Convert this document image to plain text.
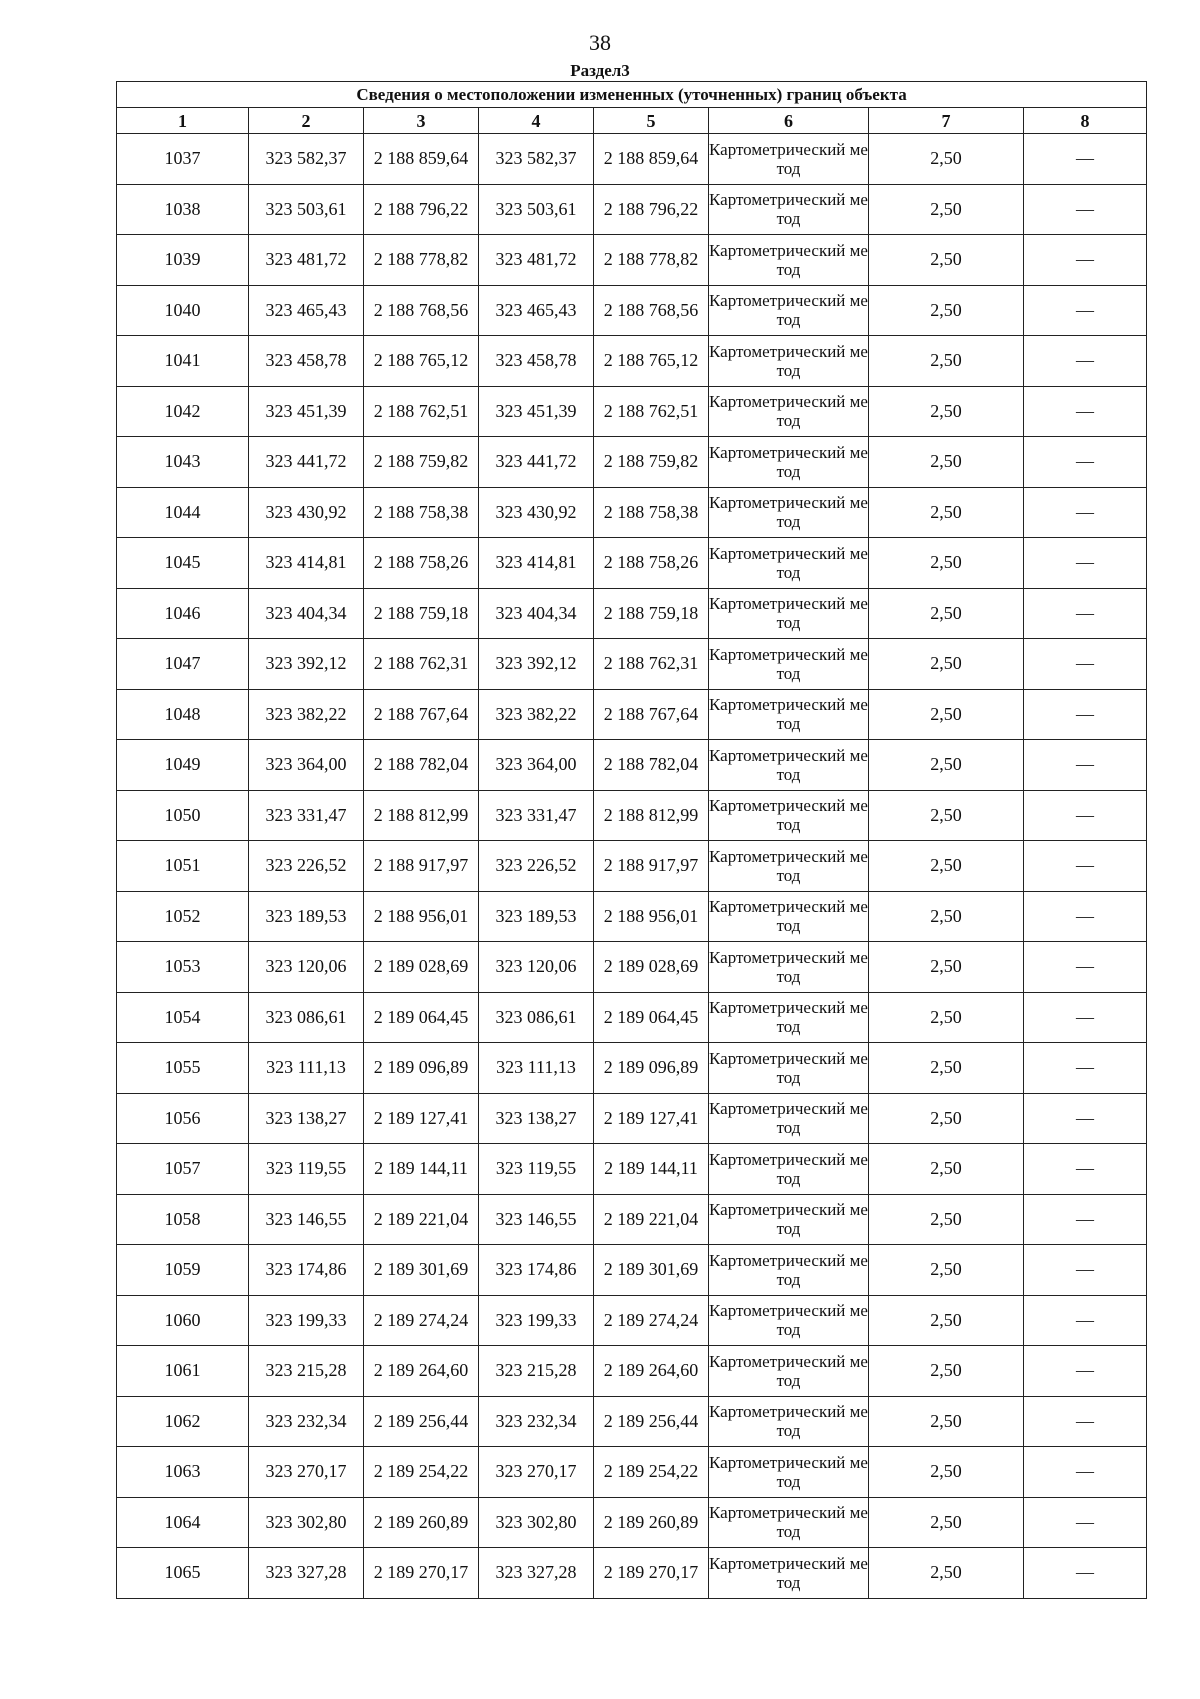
38
Раздел3
Сведения о местоположении измененных (уточненных) границ объекта							
1	2	3	4	5	6	7	8
1037	323 582,37	2 188 859,64	323 582,37	2 188 859,64	Картометрический метод	2,50	—
1038	323 503,61	2 188 796,22	323 503,61	2 188 796,22	Картометрический метод	2,50	—
1039	323 481,72	2 188 778,82	323 481,72	2 188 778,82	Картометрический метод	2,50	—
1040	323 465,43	2 188 768,56	323 465,43	2 188 768,56	Картометрический метод	2,50	—
1041	323 458,78	2 188 765,12	323 458,78	2 188 765,12	Картометрический метод	2,50	—
1042	323 451,39	2 188 762,51	323 451,39	2 188 762,51	Картометрический метод	2,50	—
1043	323 441,72	2 188 759,82	323 441,72	2 188 759,82	Картометрический метод	2,50	—
1044	323 430,92	2 188 758,38	323 430,92	2 188 758,38	Картометрический метод	2,50	—
1045	323 414,81	2 188 758,26	323 414,81	2 188 758,26	Картометрический метод	2,50	—
1046	323 404,34	2 188 759,18	323 404,34	2 188 759,18	Картометрический метод	2,50	—
1047	323 392,12	2 188 762,31	323 392,12	2 188 762,31	Картометрический метод	2,50	—
1048	323 382,22	2 188 767,64	323 382,22	2 188 767,64	Картометрический метод	2,50	—
1049	323 364,00	2 188 782,04	323 364,00	2 188 782,04	Картометрический метод	2,50	—
1050	323 331,47	2 188 812,99	323 331,47	2 188 812,99	Картометрический метод	2,50	—
1051	323 226,52	2 188 917,97	323 226,52	2 188 917,97	Картометрический метод	2,50	—
1052	323 189,53	2 188 956,01	323 189,53	2 188 956,01	Картометрический метод	2,50	—
1053	323 120,06	2 189 028,69	323 120,06	2 189 028,69	Картометрический метод	2,50	—
1054	323 086,61	2 189 064,45	323 086,61	2 189 064,45	Картометрический метод	2,50	—
1055	323 111,13	2 189 096,89	323 111,13	2 189 096,89	Картометрический метод	2,50	—
1056	323 138,27	2 189 127,41	323 138,27	2 189 127,41	Картометрический метод	2,50	—
1057	323 119,55	2 189 144,11	323 119,55	2 189 144,11	Картометрический метод	2,50	—
1058	323 146,55	2 189 221,04	323 146,55	2 189 221,04	Картометрический метод	2,50	—
1059	323 174,86	2 189 301,69	323 174,86	2 189 301,69	Картометрический метод	2,50	—
1060	323 199,33	2 189 274,24	323 199,33	2 189 274,24	Картометрический метод	2,50	—
1061	323 215,28	2 189 264,60	323 215,28	2 189 264,60	Картометрический метод	2,50	—
1062	323 232,34	2 189 256,44	323 232,34	2 189 256,44	Картометрический метод	2,50	—
1063	323 270,17	2 189 254,22	323 270,17	2 189 254,22	Картометрический метод	2,50	—
1064	323 302,80	2 189 260,89	323 302,80	2 189 260,89	Картометрический метод	2,50	—
1065	323 327,28	2 189 270,17	323 327,28	2 189 270,17	Картометрический метод	2,50	—
